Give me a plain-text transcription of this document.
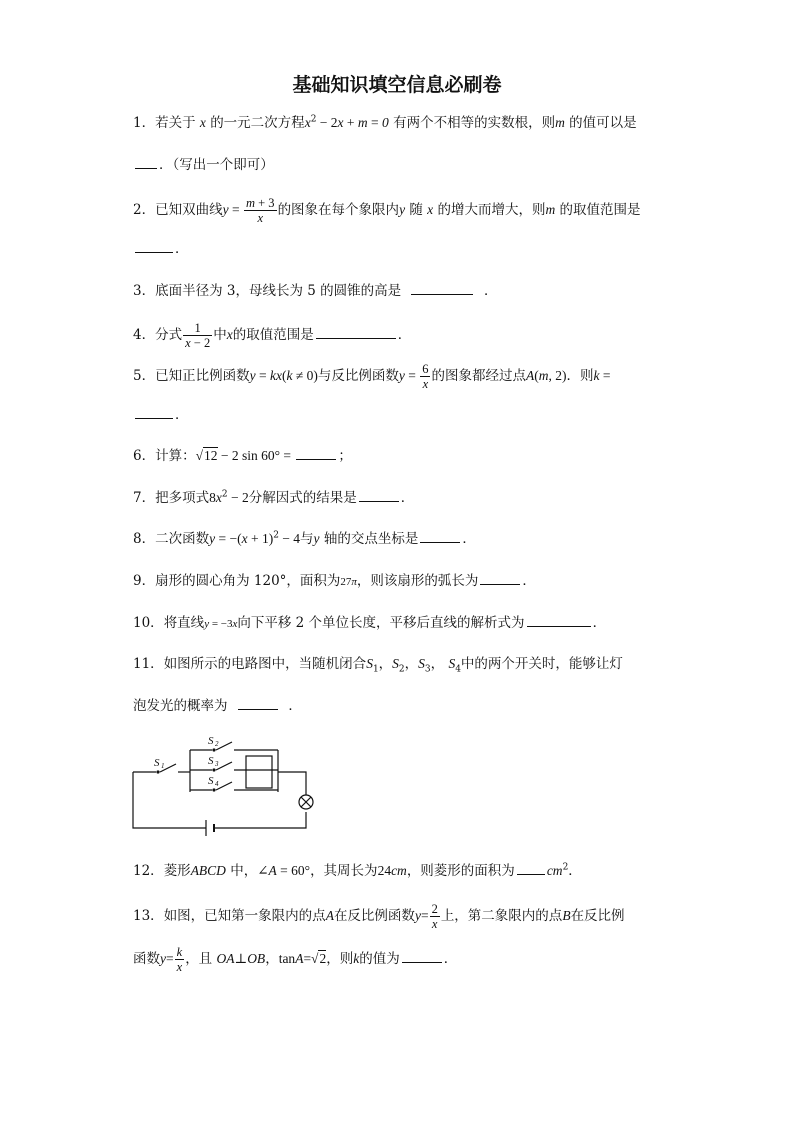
基础知识填空信息必刷卷
1．若关于 x 的一元二次方程$x^2 - 2x + m = 0$ 有两个不相等的实数根，则m 的值可以是
．（写出一个即可）
2．已知双曲线$y = \frac{m + 3}{x}$ 的图象在每个象限内y 随 x 的增大而增大，则m 的取值范围是
．
3．底面半径为 3，母线长为 5 的圆锥的高是	．
4．分式 $\frac{1}{x - 2}$ 中x的取值范围是	．
5．已知正比例函数y = kx(k ≠ 0)与反比例函数$y = \frac{6}{x}$ 的图象都经过点A(m, 2)．则k =
．
6．计算：√12 − 2 sin 60° =	；
7．把多项式$8x^2 - 2$分解因式的结果是	．
8．二次函数$y = -(x + 1)^2 - 4$与y 轴的交点坐标是	．
9．扇形的圆心角为 120°，面积为27π，则该扇形的弧长为	．
10．将直线y = −3x向下平移 2 个单位长度，平移后直线的解析式为	．
11．如图所示的电路图中，当随机闭合$S_1$，$S_2$，$S_3$， $S_4$中的两个开关时，能够让灯
泡发光的概率为	．
S 1
S 2
S 3
S 4
12．菱形ABCD 中，∠A = 60°，其周长为24cm，则菱形的面积为 $cm^2$．
13．如图，已知第一象限内的点A在反比例函数$y= \frac{2}{x}$ 上，第二象限内的点B在反比例
函数$y= \frac{k}{x}$ ，且 OA⊥OB，tanA=√2，则k的值为	．
